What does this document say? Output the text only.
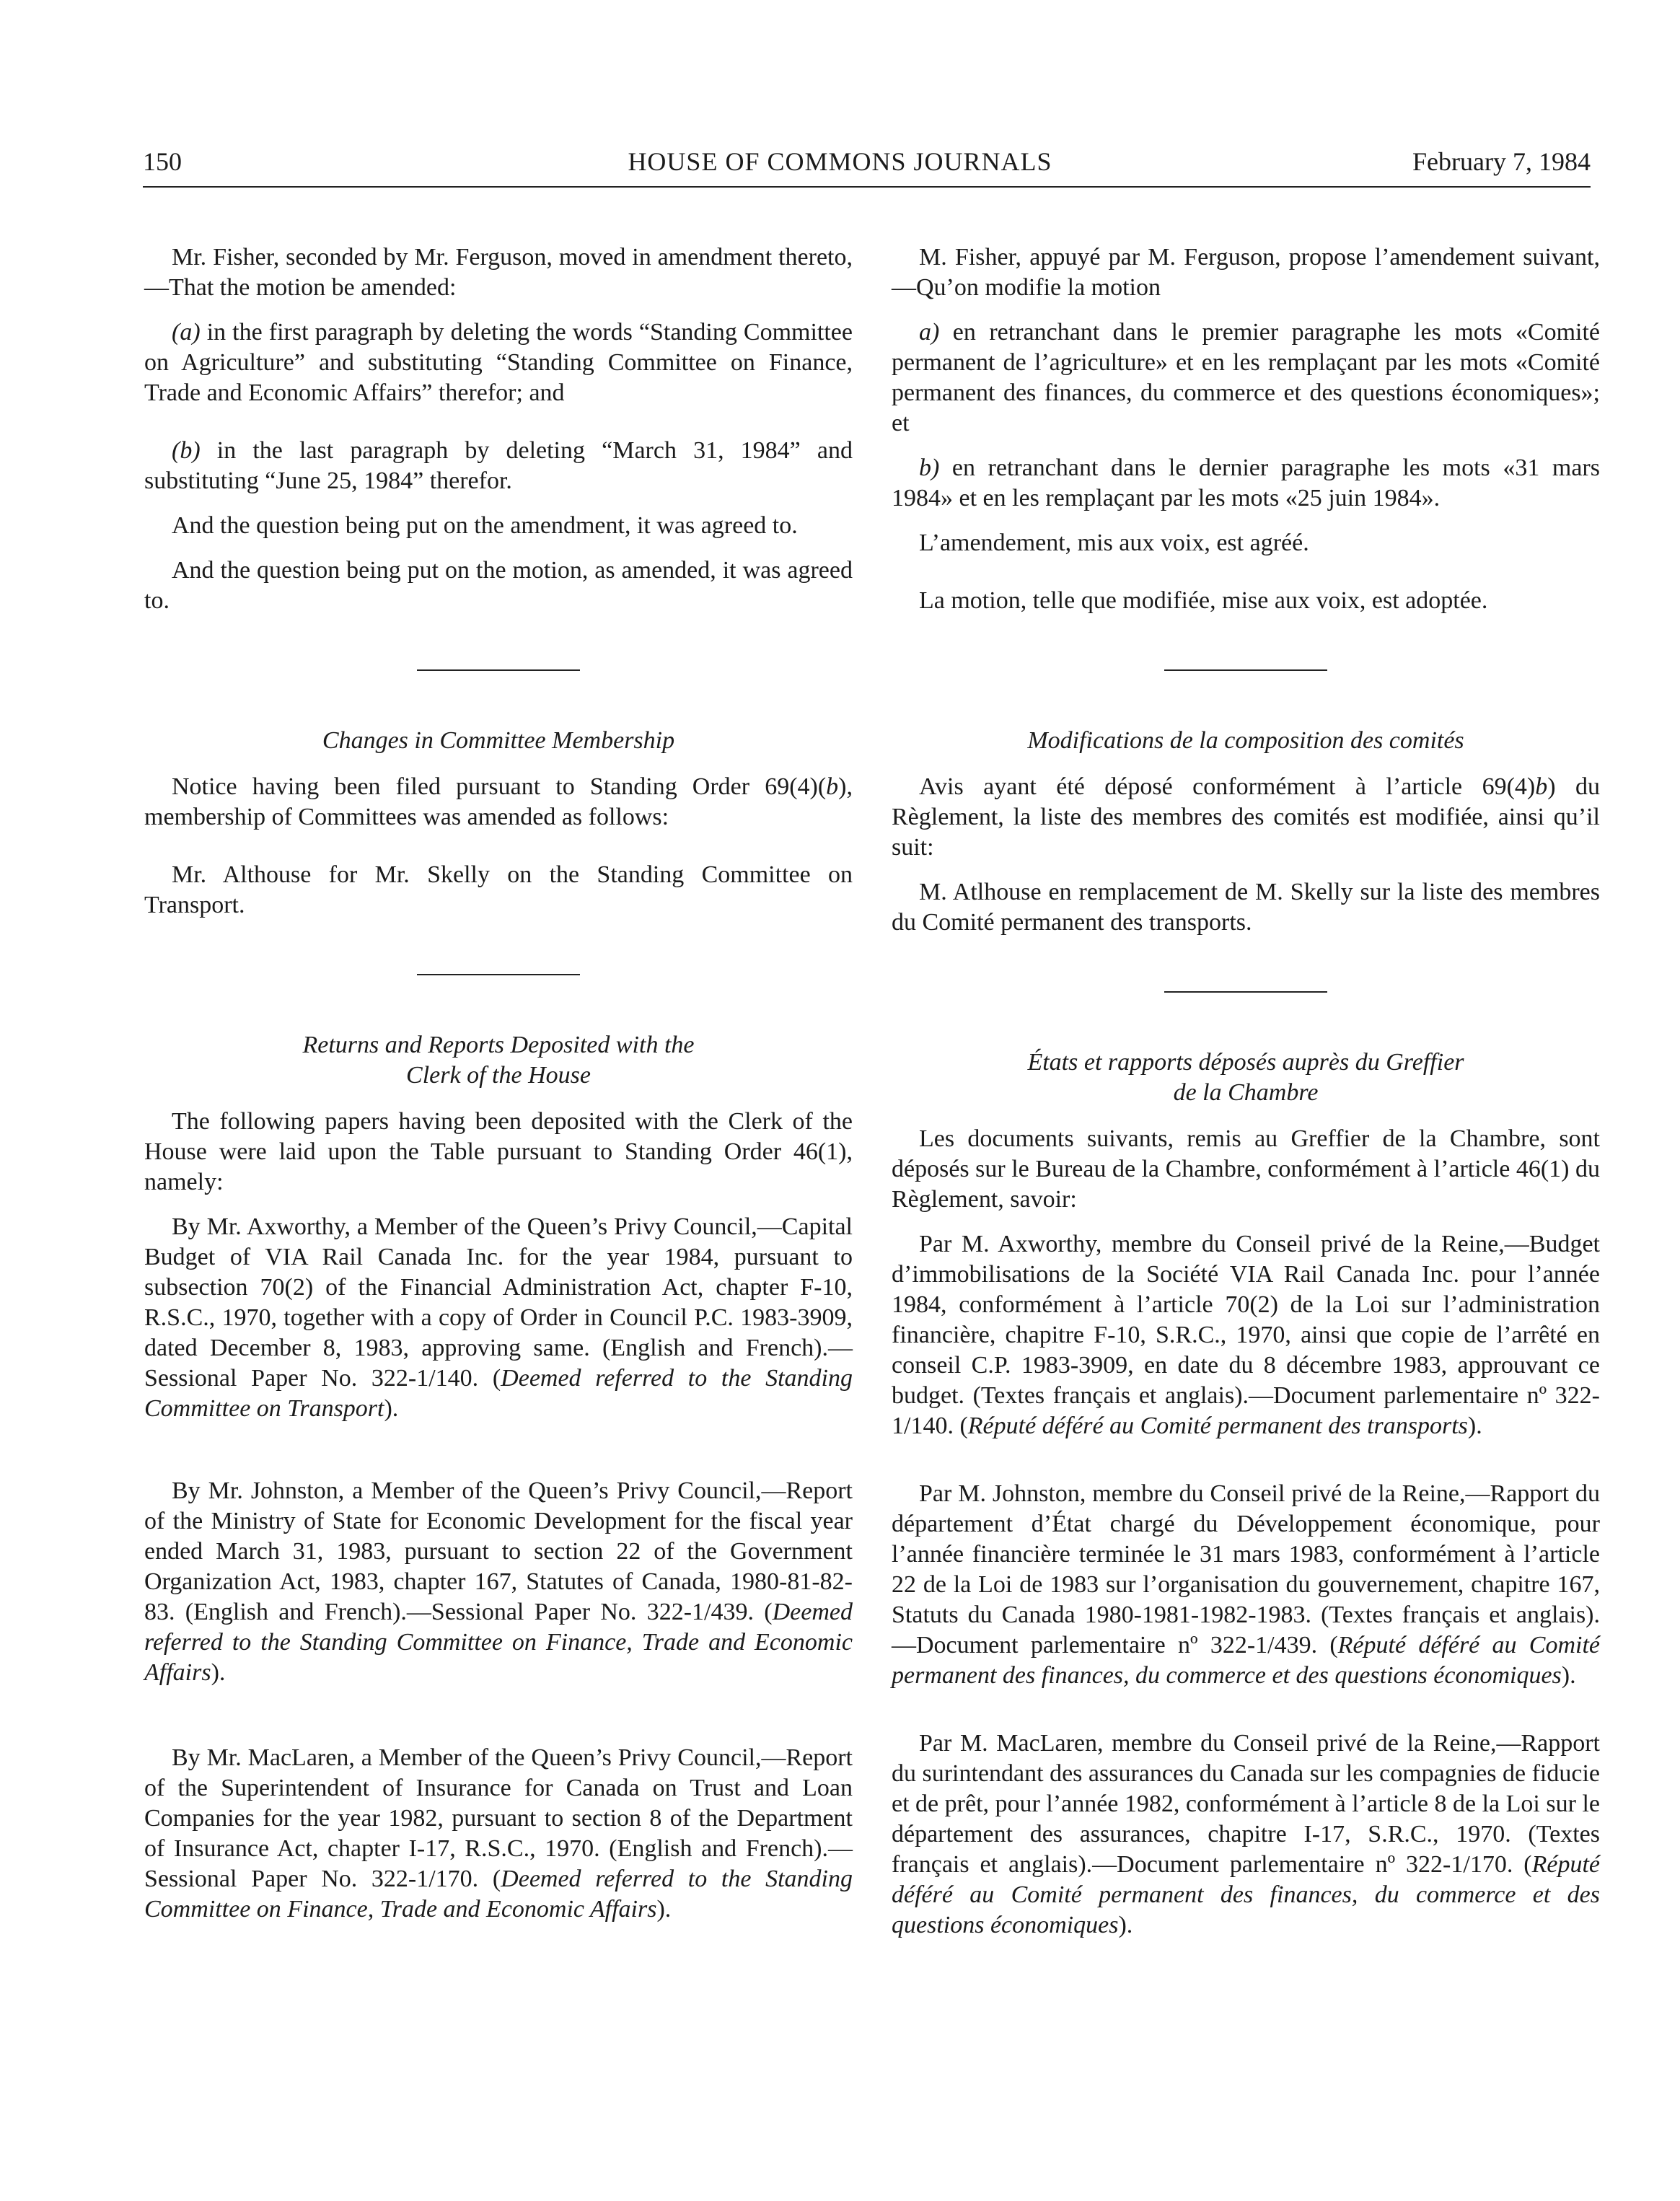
150	HOUSE OF COMMONS JOURNALS	February 7, 1984

Mr. Fisher, seconded by Mr. Ferguson, moved in amendment thereto,—That the motion be amended:

(a) in the first paragraph by deleting the words “Standing Committee on Agriculture” and substituting “Standing Committee on Finance, Trade and Economic Affairs” therefor; and

(b) in the last paragraph by deleting “March 31, 1984” and substituting “June 25, 1984” therefor.

And the question being put on the amendment, it was agreed to.

And the question being put on the motion, as amended, it was agreed to.

Changes in Committee Membership

Notice having been filed pursuant to Standing Order 69(4)(b), membership of Committees was amended as follows:

Mr. Althouse for Mr. Skelly on the Standing Committee on Transport.

Returns and Reports Deposited with the
Clerk of the House

The following papers having been deposited with the Clerk of the House were laid upon the Table pursuant to Standing Order 46(1), namely:

By Mr. Axworthy, a Member of the Queen’s Privy Council,—Capital Budget of VIA Rail Canada Inc. for the year 1984, pursuant to subsection 70(2) of the Financial Administration Act, chapter F-10, R.S.C., 1970, together with a copy of Order in Council P.C. 1983-3909, dated December 8, 1983, approving same. (English and French).—Sessional Paper No. 322-1/140. (Deemed referred to the Standing Committee on Transport).

By Mr. Johnston, a Member of the Queen’s Privy Council,—Report of the Ministry of State for Economic Development for the fiscal year ended March 31, 1983, pursuant to section 22 of the Government Organization Act, 1983, chapter 167, Statutes of Canada, 1980-81-82-83. (English and French).—Sessional Paper No. 322-1/439. (Deemed referred to the Standing Committee on Finance, Trade and Economic Affairs).

By Mr. MacLaren, a Member of the Queen’s Privy Council,—Report of the Superintendent of Insurance for Canada on Trust and Loan Companies for the year 1982, pursuant to section 8 of the Department of Insurance Act, chapter I-17, R.S.C., 1970. (English and French).—Sessional Paper No. 322-1/170. (Deemed referred to the Standing Committee on Finance, Trade and Economic Affairs).

M. Fisher, appuyé par M. Ferguson, propose l’amendement suivant,—Qu’on modifie la motion

a) en retranchant dans le premier paragraphe les mots «Comité permanent de l’agriculture» et en les remplaçant par les mots «Comité permanent des finances, du commerce et des questions économiques»; et

b) en retranchant dans le dernier paragraphe les mots «31 mars 1984» et en les remplaçant par les mots «25 juin 1984».

L’amendement, mis aux voix, est agréé.

La motion, telle que modifiée, mise aux voix, est adoptée.

Modifications de la composition des comités

Avis ayant été déposé conformément à l’article 69(4)b) du Règlement, la liste des membres des comités est modifiée, ainsi qu’il suit:

M. Atlhouse en remplacement de M. Skelly sur la liste des membres du Comité permanent des transports.

États et rapports déposés auprès du Greffier
de la Chambre

Les documents suivants, remis au Greffier de la Chambre, sont déposés sur le Bureau de la Chambre, conformément à l’article 46(1) du Règlement, savoir:

Par M. Axworthy, membre du Conseil privé de la Reine,—Budget d’immobilisations de la Société VIA Rail Canada Inc. pour l’année 1984, conformément à l’article 70(2) de la Loi sur l’administration financière, chapitre F-10, S.R.C., 1970, ainsi que copie de l’arrêté en conseil C.P. 1983-3909, en date du 8 décembre 1983, approuvant ce budget. (Textes français et anglais).—Document parlementaire nº 322-1/140. (Réputé déféré au Comité permanent des transports).

Par M. Johnston, membre du Conseil privé de la Reine,—Rapport du département d’État chargé du Développement économique, pour l’année financière terminée le 31 mars 1983, conformément à l’article 22 de la Loi de 1983 sur l’organisation du gouvernement, chapitre 167, Statuts du Canada 1980-1981-1982-1983. (Textes français et anglais).—Document parlementaire nº 322-1/439. (Réputé déféré au Comité permanent des finances, du commerce et des questions économiques).

Par M. MacLaren, membre du Conseil privé de la Reine,—Rapport du surintendant des assurances du Canada sur les compagnies de fiducie et de prêt, pour l’année 1982, conformément à l’article 8 de la Loi sur le département des assurances, chapitre I-17, S.R.C., 1970. (Textes français et anglais).—Document parlementaire nº 322-1/170. (Réputé déféré au Comité permanent des finances, du commerce et des questions économiques).
